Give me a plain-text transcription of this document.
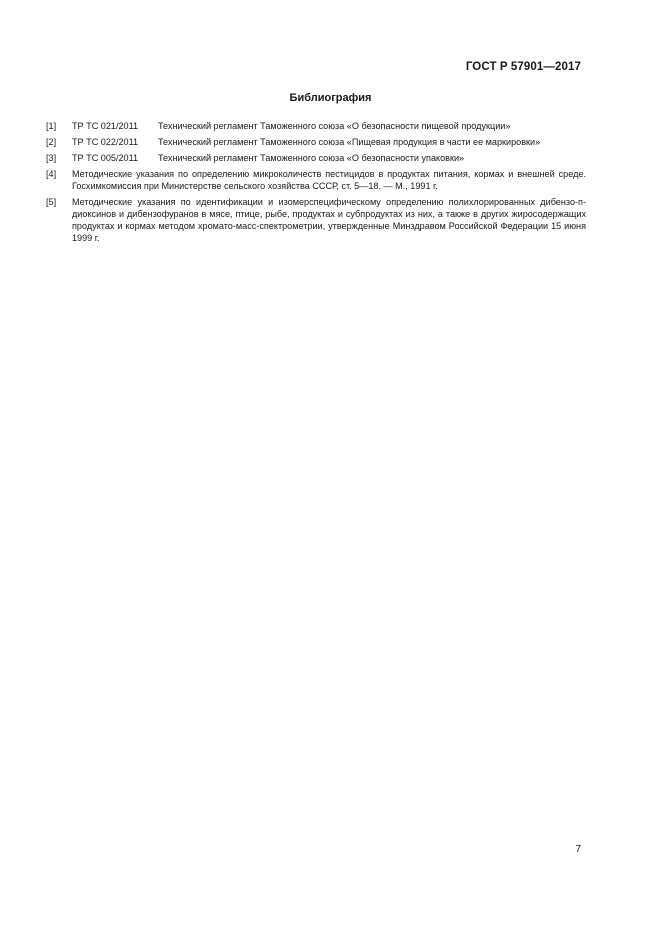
ГОСТ Р 57901—2017
Библиография
[1]	ТР ТС 021/2011	Технический регламент Таможенного союза «О безопасности пищевой продукции»
[2]	ТР ТС 022/2011	Технический регламент Таможенного союза «Пищевая продукция в части ее маркировки»
[3]	ТР ТС 005/2011	Технический регламент Таможенного союза «О безопасности упаковки»
[4]	Методические указания по определению микроколичеств пестицидов в продуктах питания, кормах и внешней среде. Госхимкомиссия при Министерстве сельского хозяйства СССР, ст. 5—18. — М., 1991 г.
[5]	Методические указания по идентификации и изомерспецифическому определению полихлорированных дибензо-п-диоксинов и дибензофуранов в мясе, птице, рыбе, продуктах и субпродуктах из них, а также в других жиросодержащих продуктах и кормах методом хромато-масс-спектрометрии, утвержденные Минздравом Российской Федерации 15 июня 1999 г.
7
